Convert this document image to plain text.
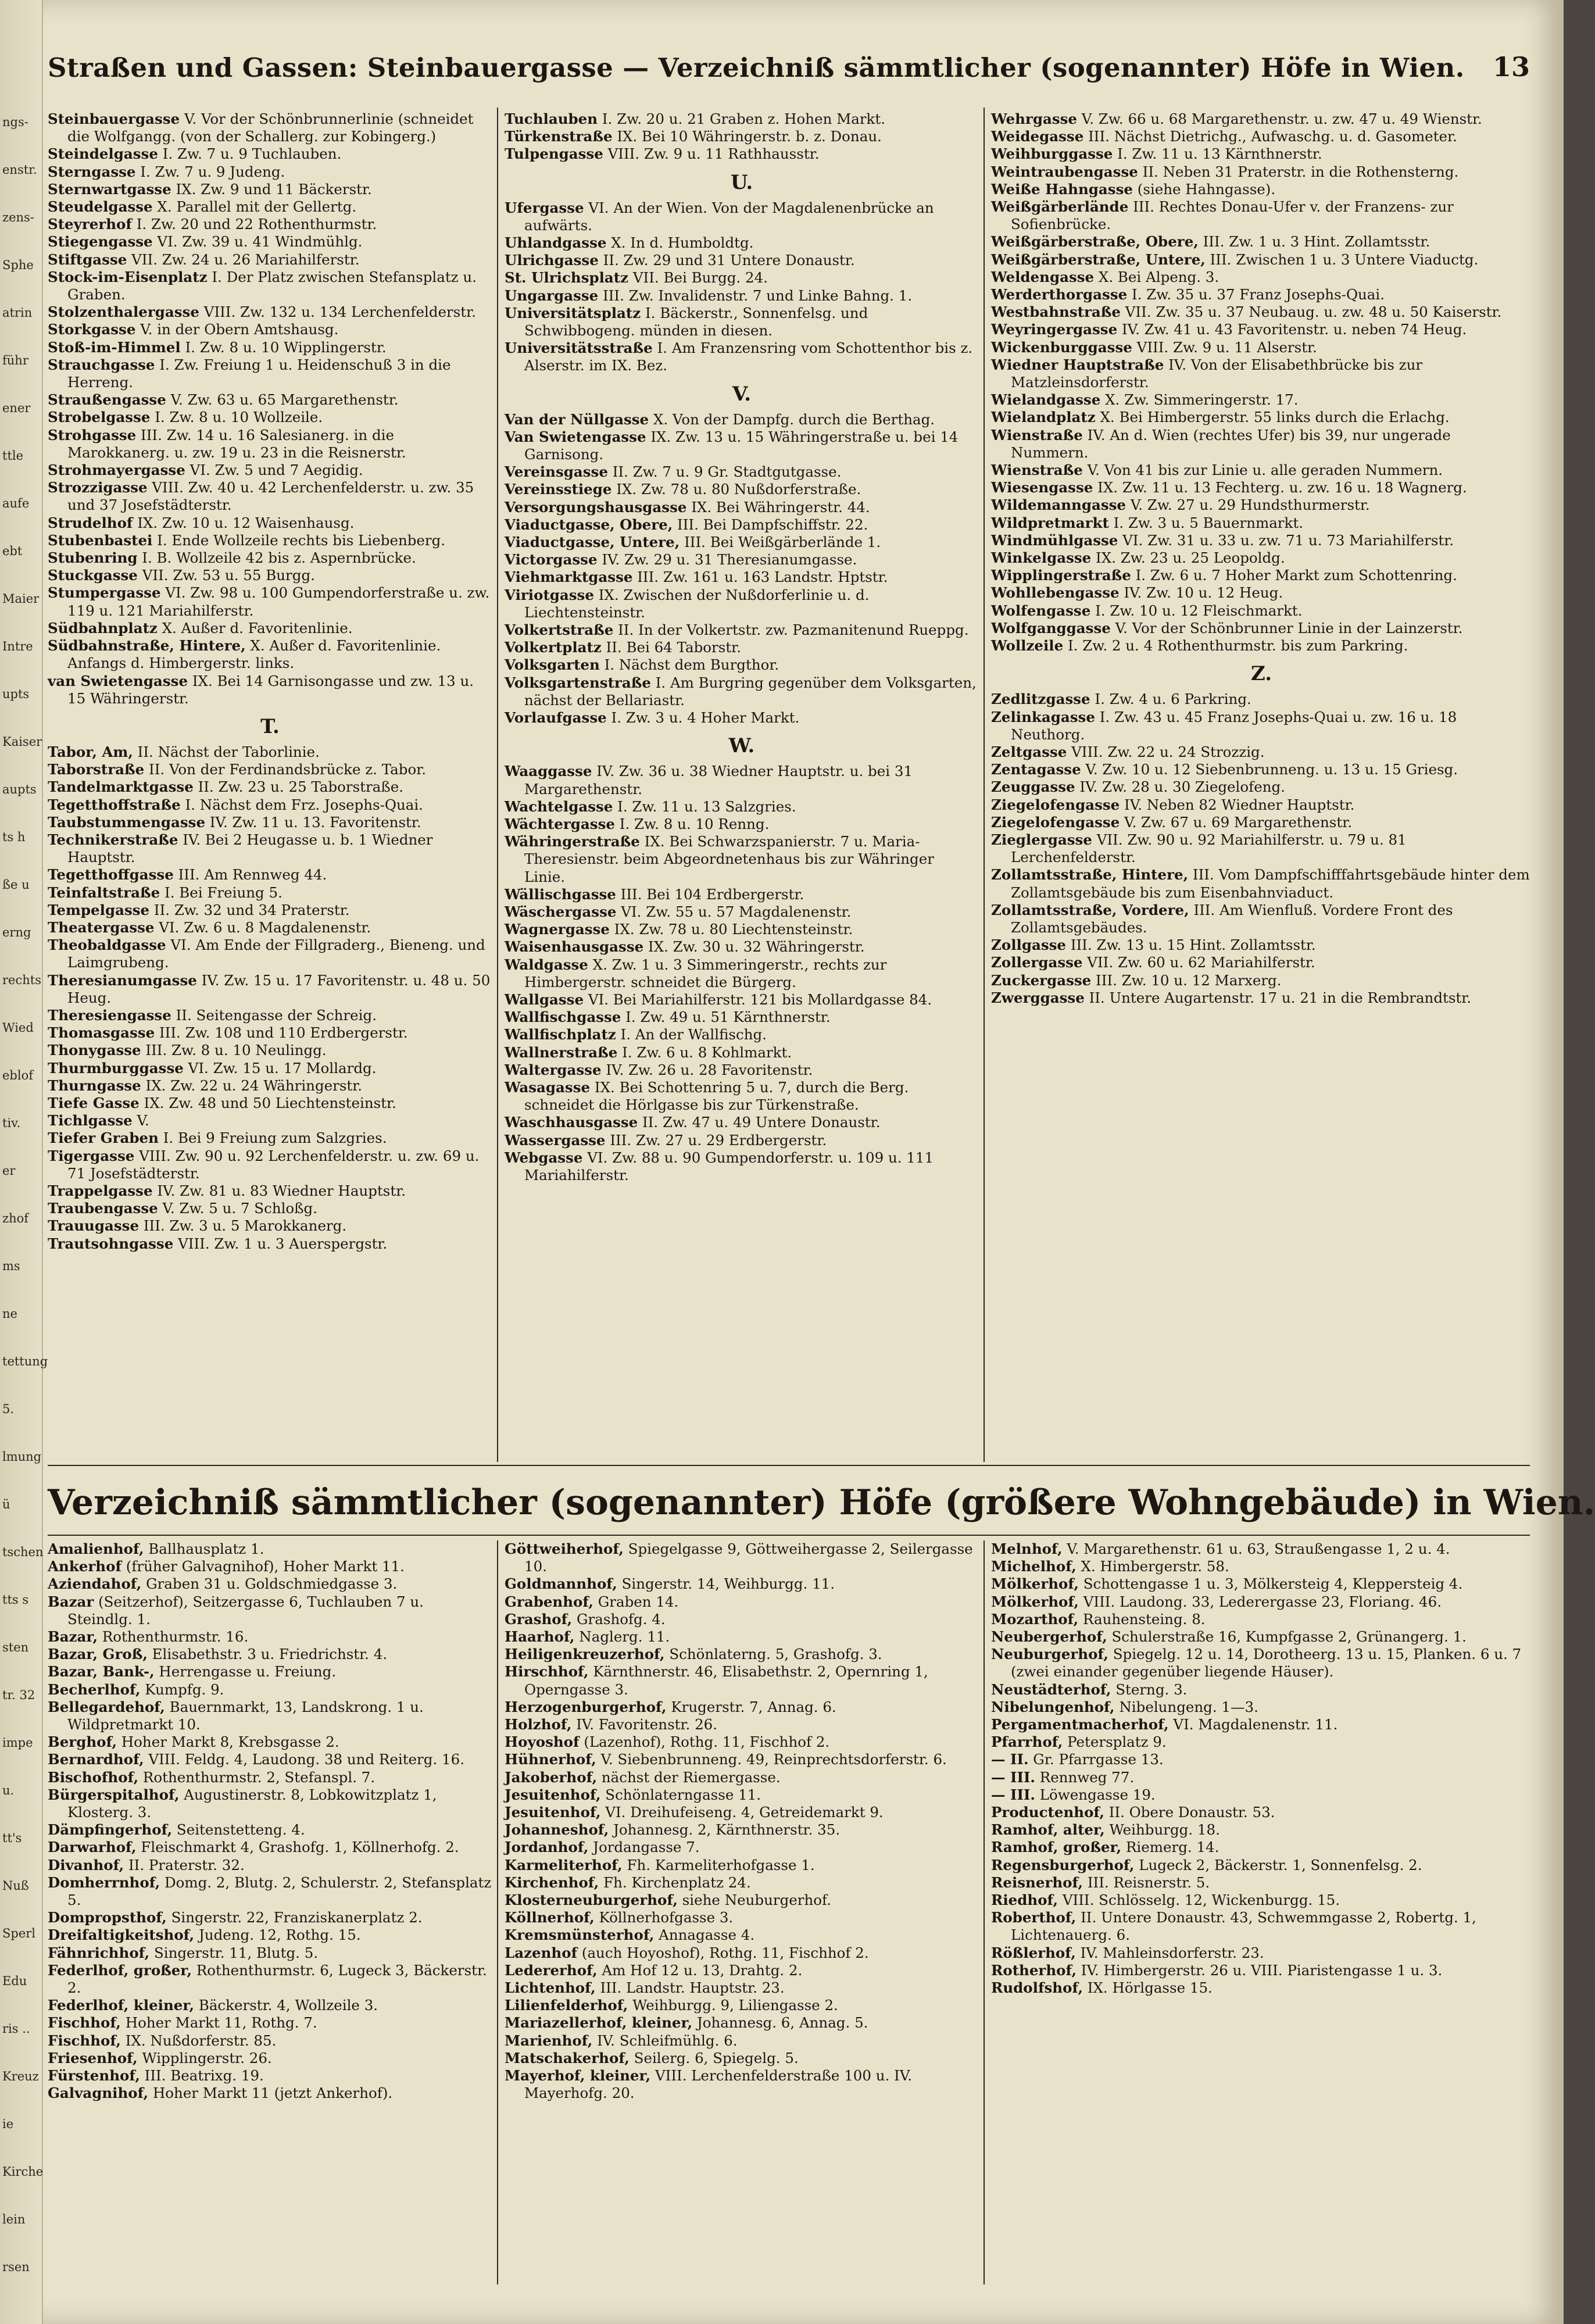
Straßen und Gassen: Steinbauergasse — Verzeichniß sämmtlicher (sogenannter) Höfe in Wien. 13
Steinbauergasse V. Vor der Schönbrunnerlinie (schneidet die Wolfgangg. (von der Schallerg. zur Kobingerg.)
Steindelgasse I. Zw. 7 u. 9 Tuchlauben.
Sterngasse I. Zw. 7 u. 9 Judeng.
Sternwartgasse IX. Zw. 9 und 11 Bäckerstr.
Steudelgasse X. Parallel mit der Gellertg.
Steyrerhof I. Zw. 20 und 22 Rothenthurmstr.
Stiegengasse VI. Zw. 39 u. 41 Windmühlg.
Stiftgasse VII. Zw. 24 u. 26 Mariahilferstr.
Stock-im-Eisenplatz I. Der Platz zwischen Stefansplatz u. Graben.
Stolzenthalergasse VIII. Zw. 132 u. 134 Lerchenfelderstr.
Storkgasse V. in der Obern Amtshausg.
Stoß-im-Himmel I. Zw. 8 u. 10 Wipplingerstr.
Strauchgasse I. Zw. Freiung 1 u. Heidenschuß 3 in die Herreng.
Straußengasse V. Zw. 63 u. 65 Margarethenstr.
Strobelgasse I. Zw. 8 u. 10 Wollzeile.
Strohgasse III. Zw. 14 u. 16 Salesianerg. in die Marokkanerg. u. zw. 19 u. 23 in die Reisnerstr.
Strohmayergasse VI. Zw. 5 und 7 Aegidig.
Strozzigasse VIII. Zw. 40 u. 42 Lerchenfelderstr. u. zw. 35 und 37 Josefstädterstr.
Strudelhof IX. Zw. 10 u. 12 Waisenhausg.
Stubenbastei I. Ende Wollzeile rechts bis Liebenberg.
Stubenring I. B. Wollzeile 42 bis z. Aspernbrücke.
Stuckgasse VII. Zw. 53 u. 55 Burgg.
Stumpergasse VI. Zw. 98 u. 100 Gumpendorferstraße u. zw. 119 u. 121 Mariahilferstr.
Südbahnplatz X. Außer d. Favoritenlinie.
Südbahnstraße, Hintere, X. Außer d. Favoritenlinie. Anfangs d. Himbergerstr. links.
van Swietengasse IX. Bei 14 Garnisongasse und zw. 13 u. 15 Währingerstr.
T.
Tabor, Am, II. Nächst der Taborlinie.
Taborstraße II. Von der Ferdinandsbrücke z. Tabor.
Tandelmarktgasse II. Zw. 23 u. 25 Taborstraße.
Tegetthoffstraße I. Nächst dem Frz. Josephs-Quai.
Taubstummengasse IV. Zw. 11 u. 13. Favoritenstr.
Technikerstraße IV. Bei 2 Heugasse u. b. 1 Wiedner Hauptstr.
Tegetthoffgasse III. Am Rennweg 44.
Teinfaltstraße I. Bei Freiung 5.
Tempelgasse II. Zw. 32 und 34 Praterstr.
Theatergasse VI. Zw. 6 u. 8 Magdalenenstr.
Theobaldgasse VI. Am Ende der Fillgraderg., Bieneng. und Laimgrubeng.
Theresianumgasse IV. Zw. 15 u. 17 Favoritenstr. u. 48 u. 50 Heug.
Theresiengasse II. Seitengasse der Schreig.
Thomasgasse III. Zw. 108 und 110 Erdbergerstr.
Thonygasse III. Zw. 8 u. 10 Neulingg.
Thurmburggasse VI. Zw. 15 u. 17 Mollardg.
Thurngasse IX. Zw. 22 u. 24 Währingerstr.
Tiefe Gasse IX. Zw. 48 und 50 Liechtensteinstr.
Tichlgasse V.
Tiefer Graben I. Bei 9 Freiung zum Salzgries.
Tigergasse VIII. Zw. 90 u. 92 Lerchenfelderstr. u. zw. 69 u. 71 Josefstädterstr.
Trappelgasse IV. Zw. 81 u. 83 Wiedner Hauptstr.
Traubengasse V. Zw. 5 u. 7 Schloßg.
Trauugasse III. Zw. 3 u. 5 Marokkanerg.
Trautsohngasse VIII. Zw. 1 u. 3 Auerspergstr.
Tuchlauben I. Zw. 20 u. 21 Graben z. Hohen Markt.
Türkenstraße IX. Bei 10 Währingerstr. b. z. Donau.
Tulpengasse VIII. Zw. 9 u. 11 Rathhausstr.
U.
Ufergasse VI. An der Wien. Von der Magdalenenbrücke an aufwärts.
Uhlandgasse X. In d. Humboldtg.
Ulrichgasse II. Zw. 29 und 31 Untere Donaustr.
St. Ulrichsplatz VII. Bei Burgg. 24.
Ungargasse III. Zw. Invalidenstr. 7 und Linke Bahng. 1.
Universitätsplatz I. Bäckerstr., Sonnenfelsg. und Schwibbogeng. münden in diesen.
Universitätsstraße I. Am Franzensring vom Schottenthor bis z. Alserstr. im IX. Bez.
V.
Van der Nüllgasse X. Von der Dampfg. durch die Berthag.
Van Swietengasse IX. Zw. 13 u. 15 Währingerstraße u. bei 14 Garnisong.
Vereinsgasse II. Zw. 7 u. 9 Gr. Stadtgutgasse.
Vereinsstiege IX. Zw. 78 u. 80 Nußdorferstraße.
Versorgungshausgasse IX. Bei Währingerstr. 44.
Viaductgasse, Obere, III. Bei Dampfschiffstr. 22.
Viaductgasse, Untere, III. Bei Weißgärberlände 1.
Victorgasse IV. Zw. 29 u. 31 Theresianumgasse.
Viehmarktgasse III. Zw. 161 u. 163 Landstr. Hptstr.
Viriotgasse IX. Zwischen der Nußdorferlinie u. d. Liechtensteinstr.
Volkertstraße II. In der Volkertstr. zw. Pazmanitenund Rueppg.
Volkertplatz II. Bei 64 Taborstr.
Volksgarten I. Nächst dem Burgthor.
Volksgartenstraße I. Am Burgring gegenüber dem Volksgarten, nächst der Bellariastr.
Vorlaufgasse I. Zw. 3 u. 4 Hoher Markt.
W.
Waaggasse IV. Zw. 36 u. 38 Wiedner Hauptstr. u. bei 31 Margarethenstr.
Wachtelgasse I. Zw. 11 u. 13 Salzgries.
Wächtergasse I. Zw. 8 u. 10 Renng.
Währingerstraße IX. Bei Schwarzspanierstr. 7 u. Maria-Theresienstr. beim Abgeordnetenhaus bis zur Währinger Linie.
Wällischgasse III. Bei 104 Erdbergerstr.
Wäschergasse VI. Zw. 55 u. 57 Magdalenenstr.
Wagnergasse IX. Zw. 78 u. 80 Liechtensteinstr.
Waisenhausgasse IX. Zw. 30 u. 32 Währingerstr.
Waldgasse X. Zw. 1 u. 3 Simmeringerstr., rechts zur Himbergerstr. schneidet die Bürgerg.
Wallgasse VI. Bei Mariahilferstr. 121 bis Mollardgasse 84.
Wallfischgasse I. Zw. 49 u. 51 Kärnthnerstr.
Wallfischplatz I. An der Wallfischg.
Wallnerstraße I. Zw. 6 u. 8 Kohlmarkt.
Waltergasse IV. Zw. 26 u. 28 Favoritenstr.
Wasagasse IX. Bei Schottenring 5 u. 7, durch die Berg. schneidet die Hörlgasse bis zur Türkenstraße.
Waschhausgasse II. Zw. 47 u. 49 Untere Donaustr.
Wassergasse III. Zw. 27 u. 29 Erdbergerstr.
Webgasse VI. Zw. 88 u. 90 Gumpendorferstr. u. 109 u. 111 Mariahilferstr.
Wehrgasse V. Zw. 66 u. 68 Margarethenstr. u. zw. 47 u. 49 Wienstr.
Weidegasse III. Nächst Dietrichg., Aufwaschg. u. d. Gasometer.
Weihburggasse I. Zw. 11 u. 13 Kärnthnerstr.
Weintraubengasse II. Neben 31 Praterstr. in die Rothensterng.
Weiße Hahngasse (siehe Hahngasse).
Weißgärberlände III. Rechtes Donau-Ufer v. der Franzens- zur Sofienbrücke.
Weißgärberstraße, Obere, III. Zw. 1 u. 3 Hint. Zollamtsstr.
Weißgärberstraße, Untere, III. Zwischen 1 u. 3 Untere Viaductg.
Weldengasse X. Bei Alpeng. 3.
Werderthorgasse I. Zw. 35 u. 37 Franz Josephs-Quai.
Westbahnstraße VII. Zw. 35 u. 37 Neubaug. u. zw. 48 u. 50 Kaiserstr.
Weyringergasse IV. Zw. 41 u. 43 Favoritenstr. u. neben 74 Heug.
Wickenburggasse VIII. Zw. 9 u. 11 Alserstr.
Wiedner Hauptstraße IV. Von der Elisabethbrücke bis zur Matzleinsdorferstr.
Wielandgasse X. Zw. Simmeringerstr. 17.
Wielandplatz X. Bei Himbergerstr. 55 links durch die Erlachg.
Wienstraße IV. An d. Wien (rechtes Ufer) bis 39, nur ungerade Nummern.
Wienstraße V. Von 41 bis zur Linie u. alle geraden Nummern.
Wiesengasse IX. Zw. 11 u. 13 Fechterg. u. zw. 16 u. 18 Wagnerg.
Wildemanngasse V. Zw. 27 u. 29 Hundsthurmerstr.
Wildpretmarkt I. Zw. 3 u. 5 Bauernmarkt.
Windmühlgasse VI. Zw. 31 u. 33 u. zw. 71 u. 73 Mariahilferstr.
Winkelgasse IX. Zw. 23 u. 25 Leopoldg.
Wipplingerstraße I. Zw. 6 u. 7 Hoher Markt zum Schottenring.
Wohllebengasse IV. Zw. 10 u. 12 Heug.
Wolfengasse I. Zw. 10 u. 12 Fleischmarkt.
Wolfganggasse V. Vor der Schönbrunner Linie in der Lainzerstr.
Wollzeile I. Zw. 2 u. 4 Rothenthurmstr. bis zum Parkring.
Z.
Zedlitzgasse I. Zw. 4 u. 6 Parkring.
Zelinkagasse I. Zw. 43 u. 45 Franz Josephs-Quai u. zw. 16 u. 18 Neuthorg.
Zeltgasse VIII. Zw. 22 u. 24 Strozzig.
Zentagasse V. Zw. 10 u. 12 Siebenbrunneng. u. 13 u. 15 Griesg.
Zeuggasse IV. Zw. 28 u. 30 Ziegelofeng.
Ziegelofengasse IV. Neben 82 Wiedner Hauptstr.
Ziegelofengasse V. Zw. 67 u. 69 Margarethenstr.
Zieglergasse VII. Zw. 90 u. 92 Mariahilferstr. u. 79 u. 81 Lerchenfelderstr.
Zollamtsstraße, Hintere, III. Vom Dampfschifffahrtsgebäude hinter dem Zollamtsgebäude bis zum Eisenbahnviaduct.
Zollamtsstraße, Vordere, III. Am Wienfluß. Vordere Front des Zollamtsgebäudes.
Zollgasse III. Zw. 13 u. 15 Hint. Zollamtsstr.
Zollergasse VII. Zw. 60 u. 62 Mariahilferstr.
Zuckergasse III. Zw. 10 u. 12 Marxerg.
Zwerggasse II. Untere Augartenstr. 17 u. 21 in die Rembrandtstr.
Verzeichniß sämmtlicher (sogenannter) Höfe (größere Wohngebäude) in Wien.
Amalienhof, Ballhausplatz 1.
Ankerhof (früher Galvagnihof), Hoher Markt 11.
Aziendahof, Graben 31 u. Goldschmiedgasse 3.
Bazar (Seitzerhof), Seitzergasse 6, Tuchlauben 7 u. Steindlg. 1.
Bazar, Rothenthurmstr. 16.
Bazar, Groß, Elisabethstr. 3 u. Friedrichstr. 4.
Bazar, Bank-, Herrengasse u. Freiung.
Becherlhof, Kumpfg. 9.
Bellegardehof, Bauernmarkt, 13, Landskrong. 1 u. Wildpretmarkt 10.
Berghof, Hoher Markt 8, Krebsgasse 2.
Bernardhof, VIII. Feldg. 4, Laudong. 38 und Reiterg. 16.
Bischofhof, Rothenthurmstr. 2, Stefanspl. 7.
Bürgerspitalhof, Augustinerstr. 8, Lobkowitzplatz 1, Klosterg. 3.
Dämpfingerhof, Seitenstetteng. 4.
Darwarhof, Fleischmarkt 4, Grashofg. 1, Köllnerhofg. 2.
Divanhof, II. Praterstr. 32.
Domherrnhof, Domg. 2, Blutg. 2, Schulerstr. 2, Stefansplatz 5.
Dompropsthof, Singerstr. 22, Franziskanerplatz 2.
Dreifaltigkeitshof, Judeng. 12, Rothg. 15.
Fähnrichhof, Singerstr. 11, Blutg. 5.
Federlhof, großer, Rothenthurmstr. 6, Lugeck 3, Bäckerstr. 2.
Federlhof, kleiner, Bäckerstr. 4, Wollzeile 3.
Fischhof, Hoher Markt 11, Rothg. 7.
Fischhof, IX. Nußdorferstr. 85.
Friesenhof, Wipplingerstr. 26.
Fürstenhof, III. Beatrixg. 19.
Galvagnihof, Hoher Markt 11 (jetzt Ankerhof).
Göttweiherhof, Spiegelgasse 9, Göttweihergasse 2, Seilergasse 10.
Goldmannhof, Singerstr. 14, Weihburgg. 11.
Grabenhof, Graben 14.
Grashof, Grashofg. 4.
Haarhof, Naglerg. 11.
Heiligenkreuzerhof, Schönlaterng. 5, Grashofg. 3.
Hirschhof, Kärnthnerstr. 46, Elisabethstr. 2, Opernring 1, Operngasse 3.
Herzogenburgerhof, Krugerstr. 7, Annag. 6.
Holzhof, IV. Favoritenstr. 26.
Hoyoshof (Lazenhof), Rothg. 11, Fischhof 2.
Hühnerhof, V. Siebenbrunneng. 49, Reinprechtsdorferstr. 6.
Jakoberhof, nächst der Riemergasse.
Jesuitenhof, Schönlaterngasse 11.
Jesuitenhof, VI. Dreihufeiseng. 4, Getreidemarkt 9.
Johanneshof, Johannesg. 2, Kärnthnerstr. 35.
Jordanhof, Jordangasse 7.
Karmeliterhof, Fh. Karmeliterhofgasse 1.
Kirchenhof, Fh. Kirchenplatz 24.
Klosterneuburgerhof, siehe Neuburgerhof.
Köllnerhof, Köllnerhofgasse 3.
Kremsmünsterhof, Annagasse 4.
Lazenhof (auch Hoyoshof), Rothg. 11, Fischhof 2.
Ledererhof, Am Hof 12 u. 13, Drahtg. 2.
Lichtenhof, III. Landstr. Hauptstr. 23.
Lilienfelderhof, Weihburgg. 9, Liliengasse 2.
Mariazellerhof, kleiner, Johannesg. 6, Annag. 5.
Marienhof, IV. Schleifmühlg. 6.
Matschakerhof, Seilerg. 6, Spiegelg. 5.
Mayerhof, kleiner, VIII. Lerchenfelderstraße 100 u. IV. Mayerhofg. 20.
Melnhof, V. Margarethenstr. 61 u. 63, Straußengasse 1, 2 u. 4.
Michelhof, X. Himbergerstr. 58.
Mölkerhof, Schottengasse 1 u. 3, Mölkersteig 4, Kleppersteig 4.
Mölkerhof, VIII. Laudong. 33, Lederergasse 23, Floriang. 46.
Mozarthof, Rauhensteing. 8.
Neubergerhof, Schulerstraße 16, Kumpfgasse 2, Grünangerg. 1.
Neuburgerhof, Spiegelg. 12 u. 14, Dorotheerg. 13 u. 15, Planken. 6 u. 7 (zwei einander gegenüber liegende Häuser).
Neustädterhof, Sterng. 3.
Nibelungenhof, Nibelungeng. 1—3.
Pergamentmacherhof, VI. Magdalenenstr. 11.
Pfarrhof, Petersplatz 9.
— II. Gr. Pfarrgasse 13.
— III. Rennweg 77.
— III. Löwengasse 19.
Productenhof, II. Obere Donaustr. 53.
Ramhof, alter, Weihburgg. 18.
Ramhof, großer, Riemerg. 14.
Regensburgerhof, Lugeck 2, Bäckerstr. 1, Sonnenfelsg. 2.
Reisnerhof, III. Reisnerstr. 5.
Riedhof, VIII. Schlösselg. 12, Wickenburgg. 15.
Roberthof, II. Untere Donaustr. 43, Schwemmgasse 2, Robertg. 1, Lichtenauerg. 6.
Rößlerhof, IV. Mahleinsdorferstr. 23.
Rotherhof, IV. Himbergerstr. 26 u. VIII. Piaristengasse 1 u. 3.
Rudolfshof, IX. Hörlgasse 15.
ngs-
enstr.
zens-
Sphe
atrin
führ
ener
ttle
aufe
ebt
Maier
Intre
upts
Kaiser
aupts
ts h
ße u
erng
rechts
Wied
eblof
tiv.
er
zhof
ms
ne
tettung
5.
lmung
ü
tschen
tts s
sten
tr. 32
impe
u.
tt's
Nuß
Sperl
Edu
ris ..
Kreuz
ie
Kirche
lein
rsen
